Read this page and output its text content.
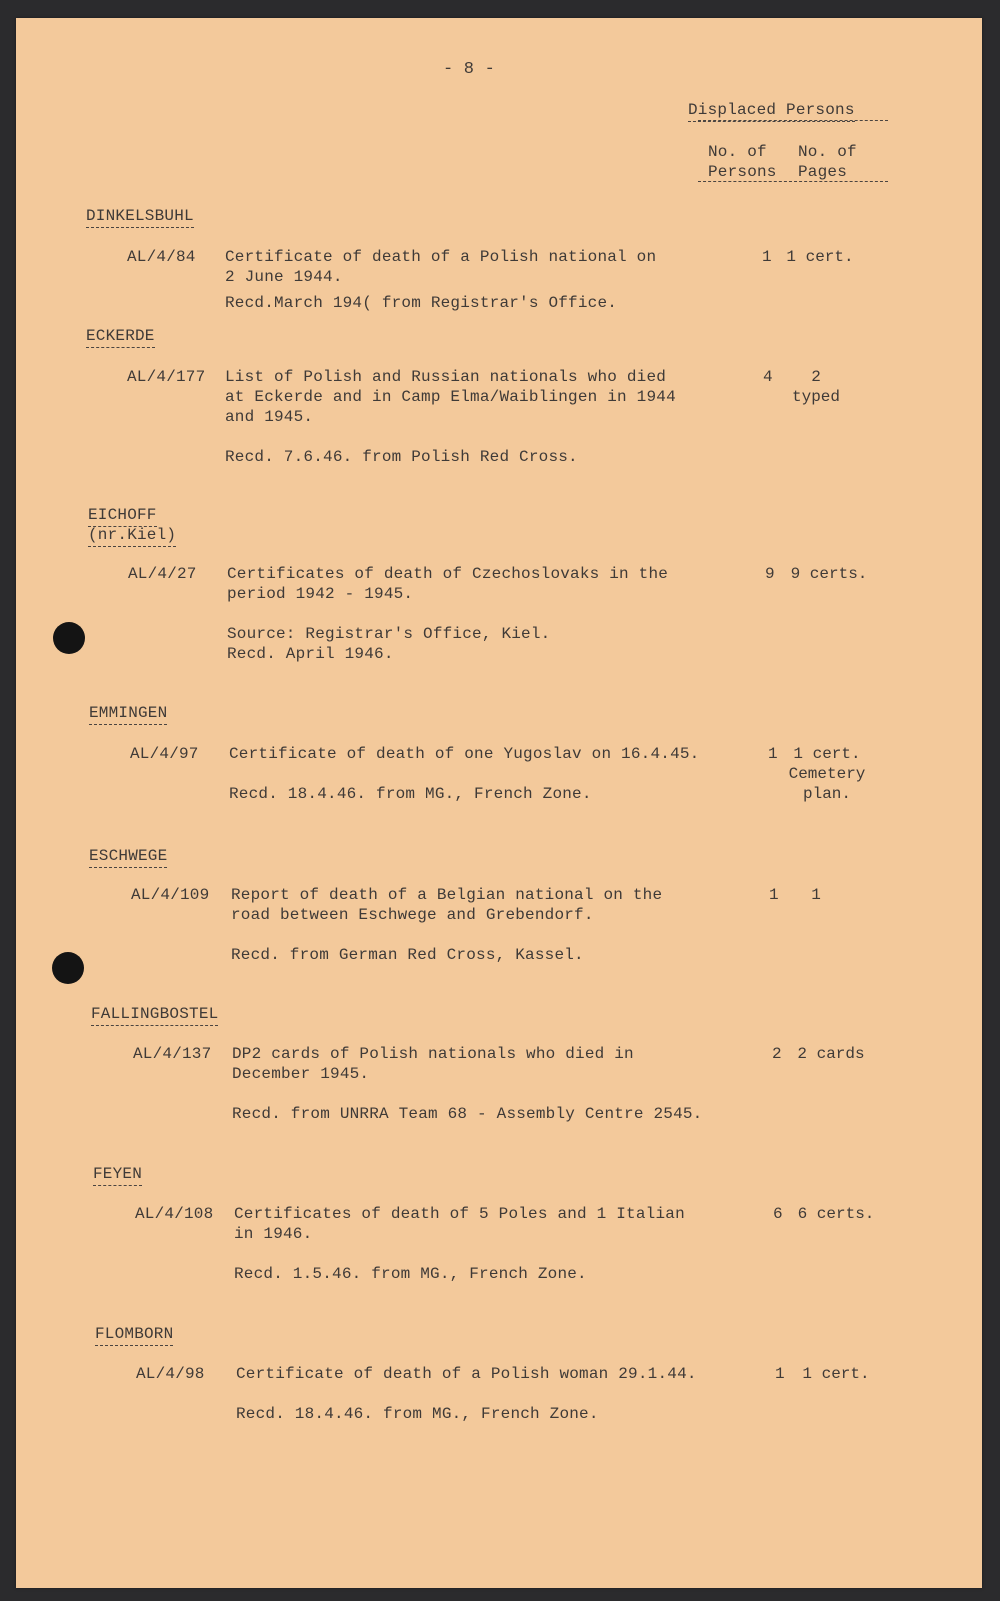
- 8 -
Displaced Persons
No. of
Persons
No. of
Pages
DINKELSBUHL
AL/4/84 Certificate of death of a Polish national on
2 June 1944.
Recd.March 194( from Registrar's Office.
1 1 cert.
ECKERDE
AL/4/177 List of Polish and Russian nationals who died
at Eckerde and in Camp Elma/Waiblingen in 1944
and 1945.
Recd. 7.6.46. from Polish Red Cross.
4	2
typed
EICHOFF
(nr.Kiel)
AL/4/27 Certificates of death of Czechoslovaks in the
period 1942 - 1945.
Source: Registrar's Office, Kiel.
Recd. April 1946.
9 9 certs.
EMMINGEN
AL/4/97 Certificate of death of one Yugoslav on 16.4.45.
Recd. 18.4.46. from MG., French Zone.
1 1 cert.
Cemetery
plan.
ESCHWEGE
AL/4/109 Report of death of a Belgian national on the
road between Eschwege and Grebendorf.
Recd. from German Red Cross, Kassel.
1	1
FALLINGBOSTEL
AL/4/137 DP2 cards of Polish nationals who died in
December 1945.
Recd. from UNRRA Team 68 - Assembly Centre 2545.
2 2 cards
FEYEN
AL/4/108 Certificates of death of 5 Poles and 1 Italian
in 1946.
Recd. 1.5.46. from MG., French Zone.
6 6 certs.
FLOMBORN
AL/4/98 Certificate of death of a Polish woman 29.1.44.
Recd. 18.4.46. from MG., French Zone.
1	1 cert.
